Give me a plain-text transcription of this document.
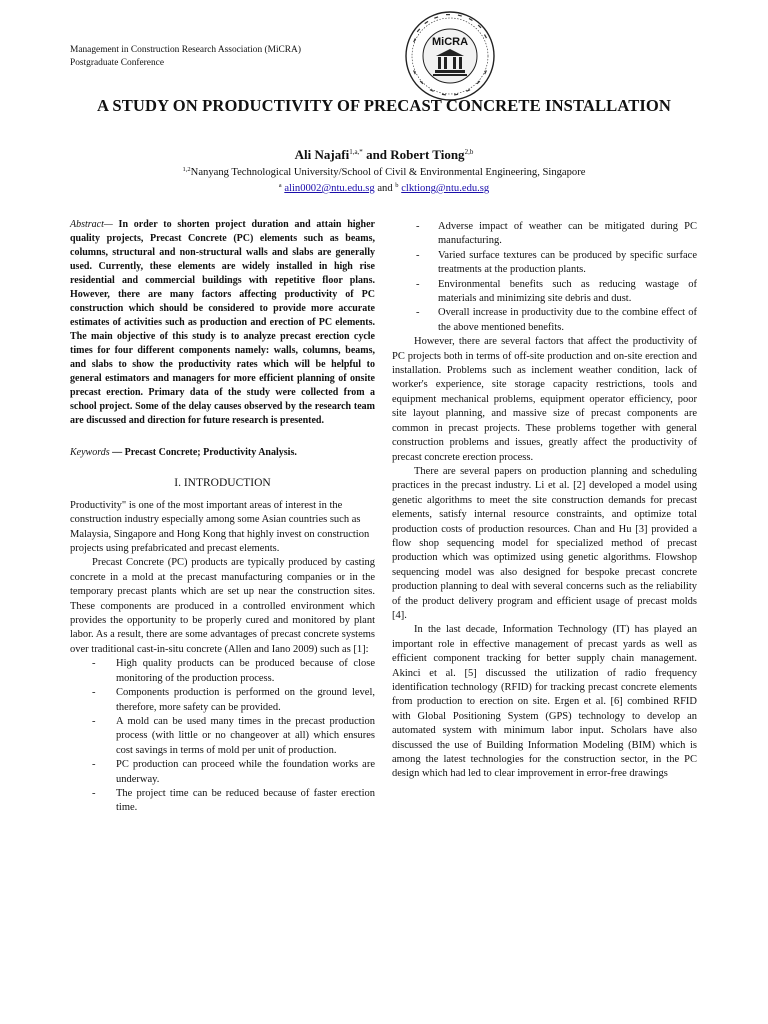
Management in Construction Research Association (MiCRA)
Postgraduate Conference
MiCRA
A STUDY ON PRODUCTIVITY OF PRECAST CONCRETE INSTALLATION
Ali Najafi$^{1,a,*}$ and Robert Tiong$^{2,b}$
$^{1,2}$Nanyang Technological University/School of Civil & Environmental Engineering, Singapore
$^a$ alin0002@ntu.edu.sg and $^b$ clktiong@ntu.edu.sg

Abstract— In order to shorten project duration and attain higher quality projects, Precast Concrete (PC) elements such as beams, columns, structural and non-structural walls and slabs are generally used. Currently, these elements are widely installed in high rise residential and commercial buildings with repetitive floor plans. However, there are many factors affecting productivity of PC construction which should be considered to provide more accurate estimates of activities such as production and erection of PC elements. The main objective of this study is to analyze precast erection cycle times for four different components namely: walls, columns, beams, and slabs to show the productivity rates which will be helpful to general estimators and managers for more efficient planning of onsite precast erection. Primary data of the study were collected from a school project. Some of the delay causes observed by the research team are discussed and direction for future research is presented.

Keywords — Precast Concrete; Productivity Analysis.

I. INTRODUCTION

Productivity" is one of the most important areas of interest in the construction industry especially among some Asian countries such as Malaysia, Singapore and Hong Kong that highly invest on construction projects using prefabricated and precast elements.

Precast Concrete (PC) products are typically produced by casting concrete in a mold at the precast manufacturing companies or in the temporary precast plants which are set up near the construction sites. These components are produced in a controlled environment which provides the opportunity to be properly cured and monitored by plant labor. As a result, there are some advantages of precast concrete systems over traditional cast-in-situ concrete (Allen and Iano 2009) such as [1]:

- High quality products can be produced because of close monitoring of the production process.
- Components production is performed on the ground level, therefore, more safety can be provided.
- A mold can be used many times in the precast production process (with little or no changeover at all) which ensures cost savings in terms of mold per unit of production.
- PC production can proceed while the foundation works are underway.
- The project time can be reduced because of faster erection time.
- Adverse impact of weather can be mitigated during PC manufacturing.
- Varied surface textures can be produced by specific surface treatments at the production plants.
- Environmental benefits such as reducing wastage of materials and minimizing site debris and dust.
- Overall increase in productivity due to the combine effect of the above mentioned benefits.

However, there are several factors that affect the productivity of PC projects both in terms of off-site production and on-site erection and installation. Problems such as inclement weather condition, lack of worker's experience, site storage capacity restrictions, tools and equipment mechanical problems, equipment operator efficiency, poor site layout planning, and massive size of precast components are common in precast projects. These problems together with general construction problems and issues, greatly affect the productivity of precast concrete erection process.

There are several papers on production planning and scheduling practices in the precast industry. Li et al. [2] developed a model using genetic algorithms to meet the site construction demands for precast elements, satisfy internal resource constraints, and optimize total production costs of production resources. Chan and Hu [3] provided a flow shop sequencing model for specialized method of precast production which was optimized using genetic algorithms. Flowshop sequencing model was also designed for bespoke precast concrete production planning to deal with several concerns such as the reliability of the product delivery program and efficient usage of precast molds [4].

In the last decade, Information Technology (IT) has played an important role in effective management of precast yards as well as efficient component tracking for better supply chain management. Akinci et al. [5] discussed the utilization of radio frequency identification technology (RFID) for tracking precast concrete elements from production to erection on site. Ergen et al. [6] combined RFID with Global Positioning System (GPS) technology to develop an automated system with minimum labor input. Scholars have also discussed the use of Building Information Modeling (BIM) which is among the latest technologies for the construction sector, in the PC design which had led to clear improvement in error-free drawings
